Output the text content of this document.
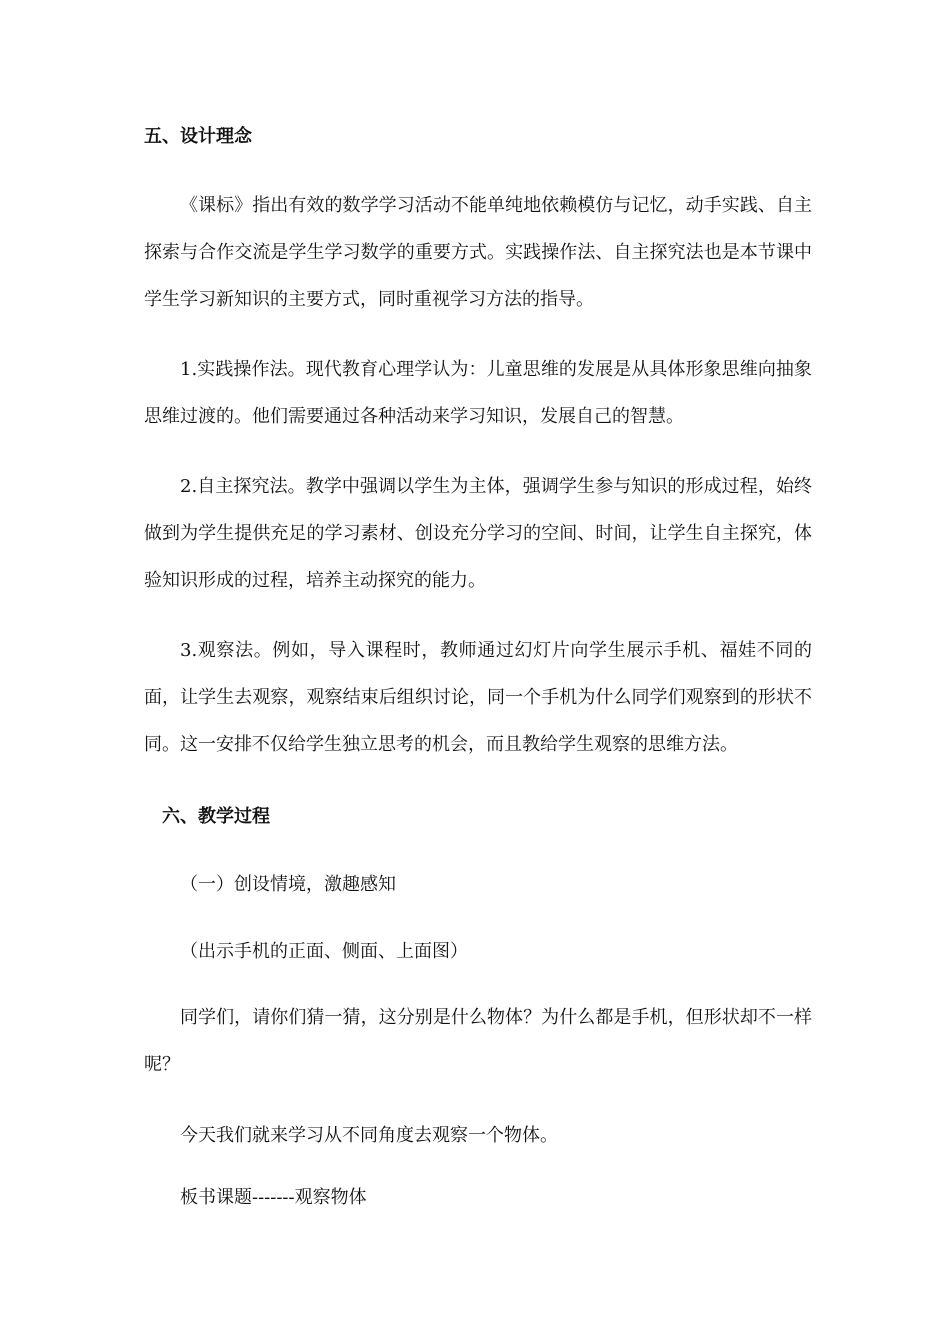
五、设计理念

《课标》指出有效的数学学习活动不能单纯地依赖模仿与记忆，动手实践、自主探索与合作交流是学生学习数学的重要方式。实践操作法、自主探究法也是本节课中学生学习新知识的主要方式，同时重视学习方法的指导。

1.实践操作法。现代教育心理学认为：儿童思维的发展是从具体形象思维向抽象思维过渡的。他们需要通过各种活动来学习知识，发展自己的智慧。

2.自主探究法。教学中强调以学生为主体，强调学生参与知识的形成过程，始终做到为学生提供充足的学习素材、创设充分学习的空间、时间，让学生自主探究，体验知识形成的过程，培养主动探究的能力。

3.观察法。例如，导入课程时，教师通过幻灯片向学生展示手机、福娃不同的面，让学生去观察，观察结束后组织讨论，同一个手机为什么同学们观察到的形状不同。这一安排不仅给学生独立思考的机会，而且教给学生观察的思维方法。

六、教学过程
（一）创设情境，激趣感知
（出示手机的正面、侧面、上面图）

同学们，请你们猜一猜，这分别是什么物体？为什么都是手机，但形状却不一样呢？

今天我们就来学习从不同角度去观察一个物体。
板书课题-------观察物体
